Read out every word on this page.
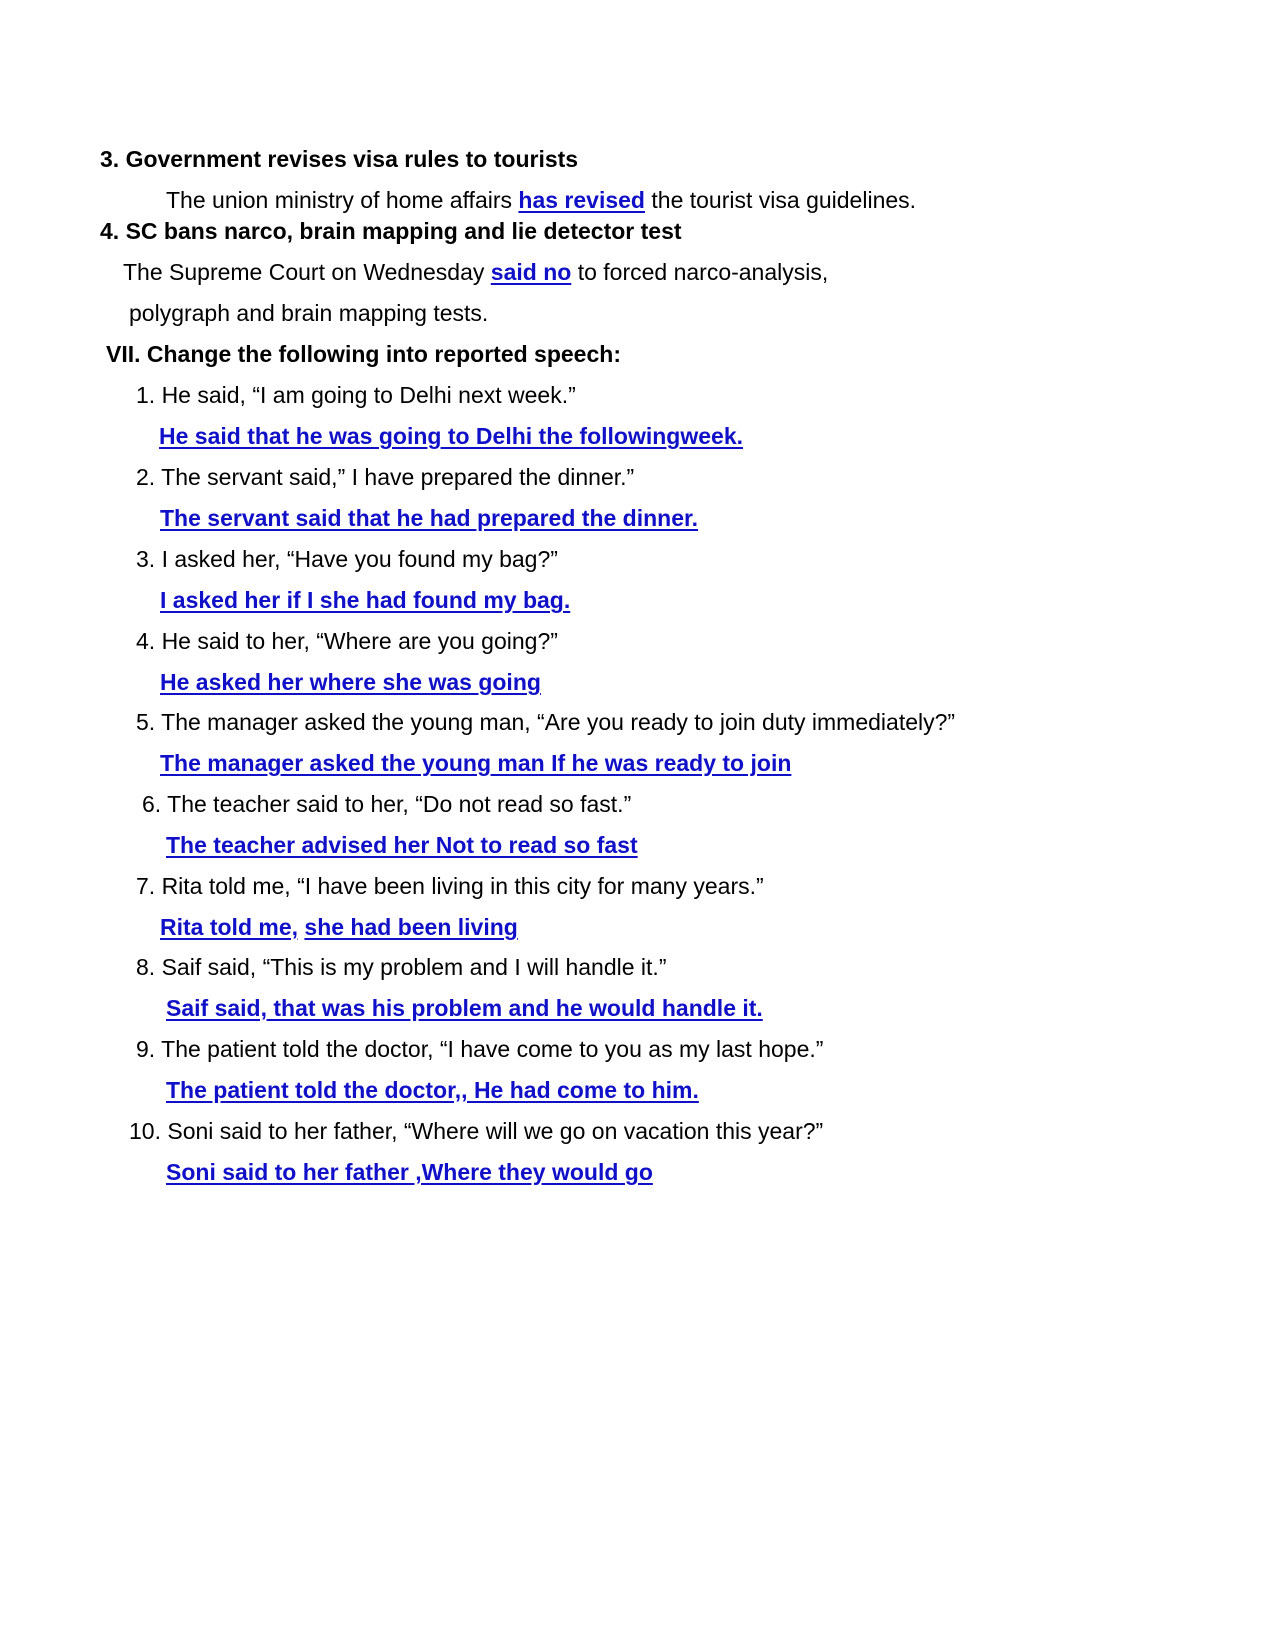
3. Government revises visa rules to tourists
The union ministry of home affairs has revised the tourist visa guidelines.
4. SC bans narco, brain mapping and lie detector test
The Supreme Court on Wednesday said no to forced narco-analysis,
polygraph and brain mapping tests.
VII. Change the following into reported speech:
1. He said, “I am going to Delhi next week.”
He said that he was going to Delhi the followingweek.
2. The servant said,” I have prepared the dinner.”
The servant said that he had prepared the dinner.
3. I asked her, “Have you found my bag?”
I asked her if I she had found my bag.
4. He said to her, “Where are you going?”
He asked her where she was going
5. The manager asked the young man, “Are you ready to join duty immediately?”
The manager asked the young man If he was ready to join
6. The teacher said to her, “Do not read so fast.”
The teacher advised her Not to read so fast
7. Rita told me, “I have been living in this city for many years.”
Rita told me, she had been living
8. Saif said, “This is my problem and I will handle it.”
Saif said, that was his problem and he would handle it.
9. The patient told the doctor, “I have come to you as my last hope.”
The patient told the doctor,, He had come to him.
10. Soni said to her father, “Where will we go on vacation this year?”
Soni said to her father ,Where they would go
